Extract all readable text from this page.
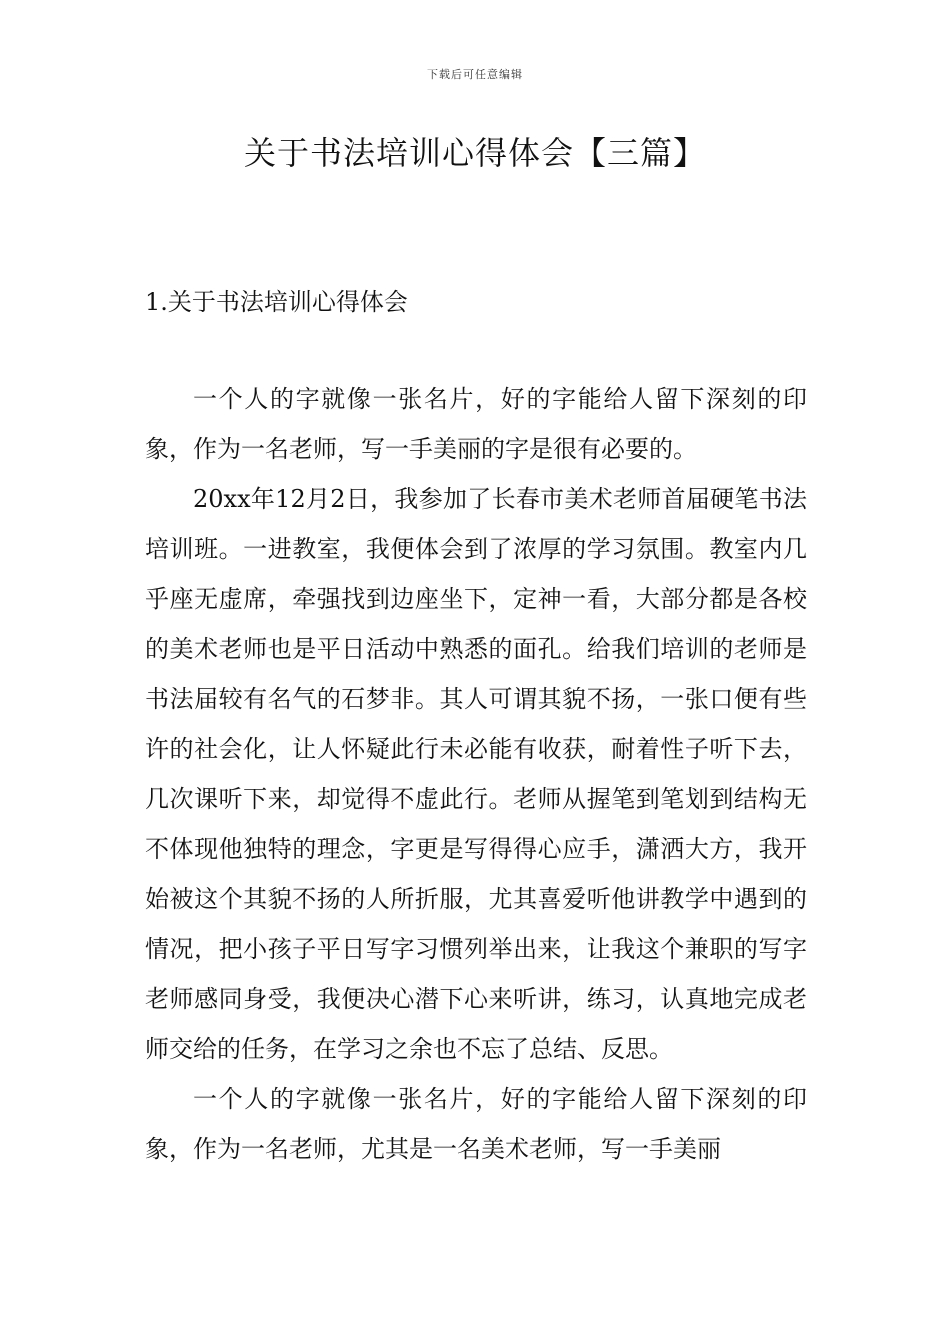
下载后可任意编辑
关于书法培训心得体会【三篇】
1.关于书法培训心得体会

一个人的字就像一张名片，好的字能给人留下深刻的印象，作为一名老师，写一手美丽的字是很有必要的。

20xx年12月2日，我参加了长春市美术老师首届硬笔书法培训班。一进教室，我便体会到了浓厚的学习氛围。教室内几乎座无虚席，牵强找到边座坐下，定神一看，大部分都是各校的美术老师也是平日活动中熟悉的面孔。给我们培训的老师是书法届较有名气的石梦非。其人可谓其貌不扬，一张口便有些许的社会化，让人怀疑此行未必能有收获，耐着性子听下去，几次课听下来，却觉得不虚此行。老师从握笔到笔划到结构无不体现他独特的理念，字更是写得得心应手，潇洒大方，我开始被这个其貌不扬的人所折服，尤其喜爱听他讲教学中遇到的情况，把小孩子平日写字习惯列举出来，让我这个兼职的写字老师感同身受，我便决心潜下心来听讲，练习，认真地完成老师交给的任务，在学习之余也不忘了总结、反思。

一个人的字就像一张名片，好的字能给人留下深刻的印象，作为一名老师，尤其是一名美术老师，写一手美丽
